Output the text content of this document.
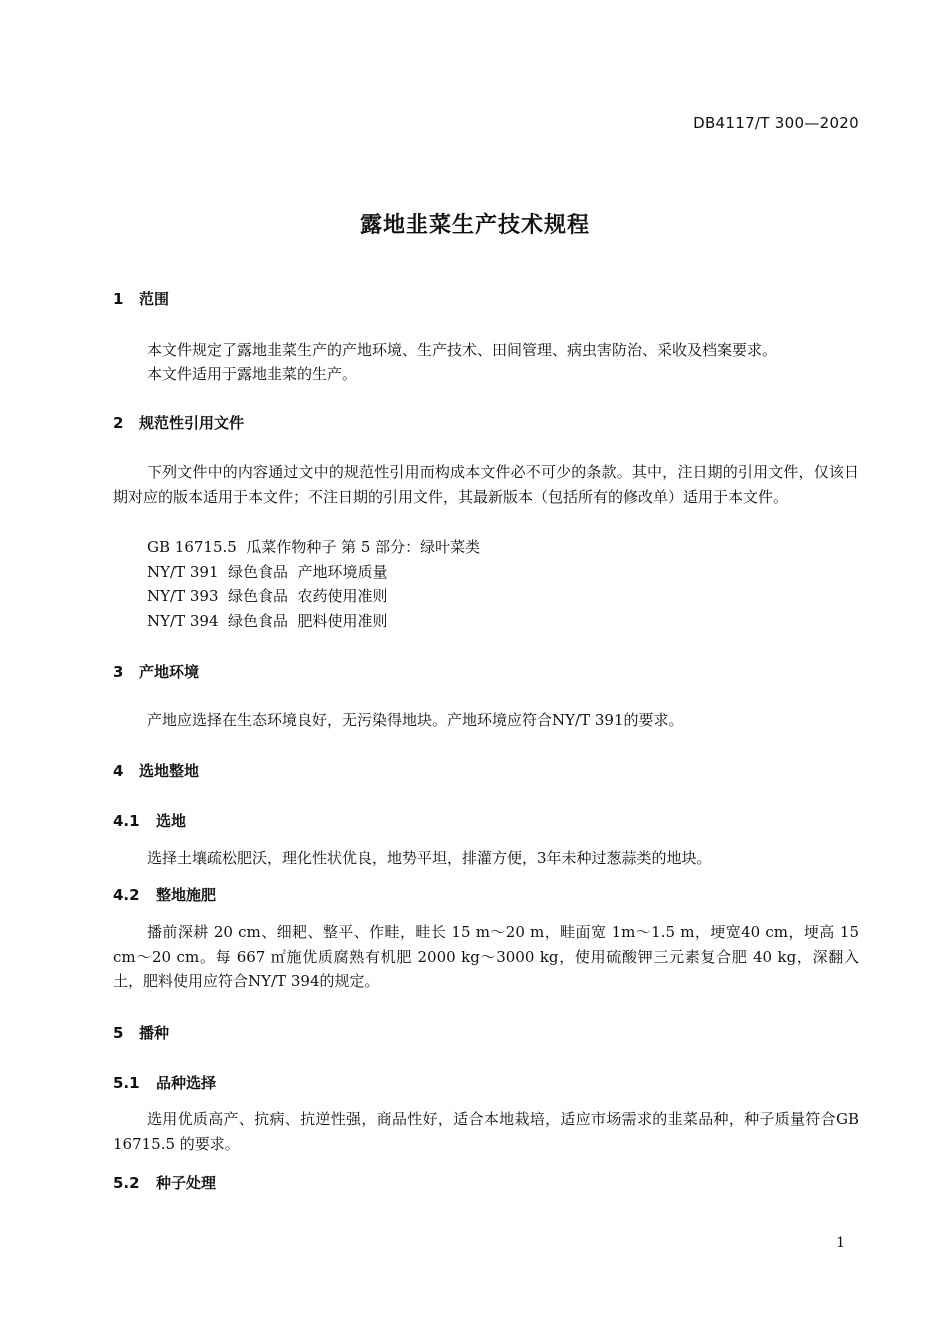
DB4117/T 300—2020
露地韭菜生产技术规程
1 范围
本文件规定了露地韭菜生产的产地环境、生产技术、田间管理、病虫害防治、采收及档案要求。
本文件适用于露地韭菜的生产。
2 规范性引用文件
下列文件中的内容通过文中的规范性引用而构成本文件必不可少的条款。其中，注日期的引用文件，仅该日期对应的版本适用于本文件；不注日期的引用文件，其最新版本（包括所有的修改单）适用于本文件。
GB 16715.5  瓜菜作物种子 第 5 部分：绿叶菜类
NY/T 391  绿色食品  产地环境质量
NY/T 393  绿色食品  农药使用准则
NY/T 394  绿色食品  肥料使用准则
3 产地环境
产地应选择在生态环境良好，无污染得地块。产地环境应符合NY/T 391的要求。
4 选地整地
4.1 选地
选择土壤疏松肥沃，理化性状优良，地势平坦，排灌方便，3年未种过葱蒜类的地块。
4.2 整地施肥
播前深耕 20 cm、细耙、整平、作畦，畦长 15 m～20 m，畦面宽 1m～1.5 m，埂宽40 cm，埂高 15 cm～20 cm。每 667 ㎡施优质腐熟有机肥 2000 kg～3000 kg，使用硫酸钾三元素复合肥 40 kg，深翻入土，肥料使用应符合NY/T 394的规定。
5 播种
5.1 品种选择
选用优质高产、抗病、抗逆性强，商品性好，适合本地栽培，适应市场需求的韭菜品种，种子质量符合GB 16715.5 的要求。
5.2 种子处理
1
